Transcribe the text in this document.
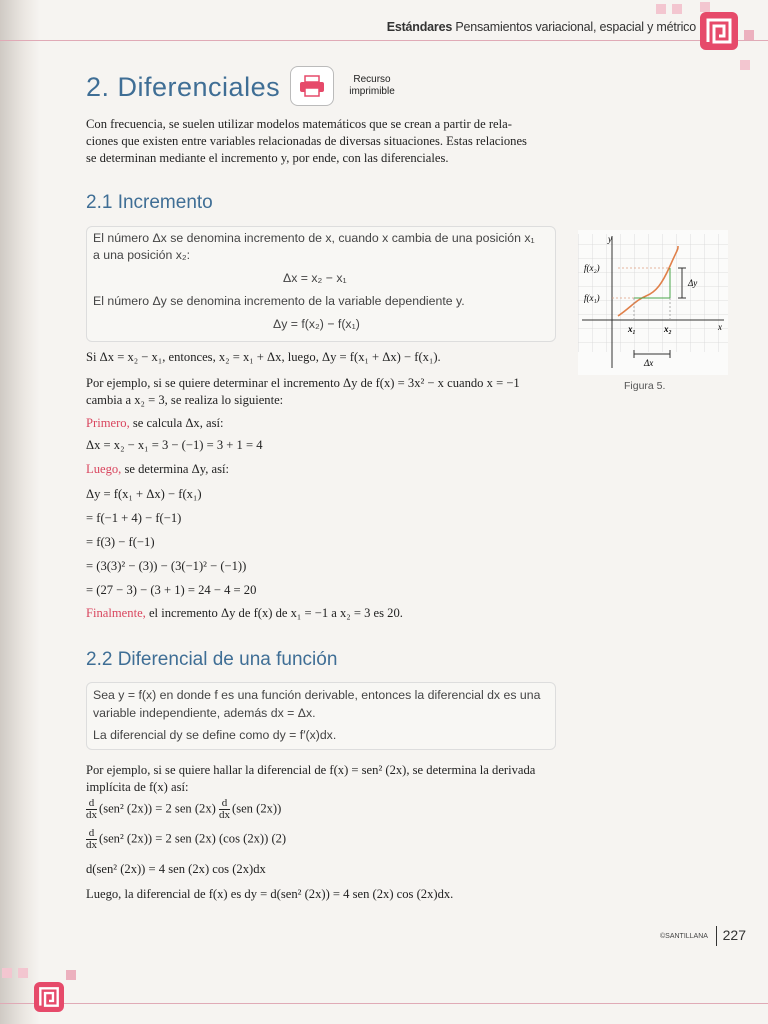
Estándares Pensamientos variacional, espacial y métrico
2. Diferenciales	Recurso
imprimible

Con frecuencia, se suelen utilizar modelos matemáticos que se crean a partir de rela-

ciones que existen entre variables relacionadas de diversas situaciones. Estas relaciones

se determinan mediante el incremento y, por ende, con las diferenciales.

2.1 Incremento
El número Δx se denomina incremento de x, cuando x cambia de una posición x₁
a una posición x₂:
Δx = x₂ − x₁
El número Δy se denomina incremento de la variable dependiente y.
Δy = f(x₂) − f(x₁)
Si Δx = x₂ − x₁, entonces, x₂ = x₁ + Δx, luego, Δy = f(x₁ + Δx) − f(x₁).
Por ejemplo, si se quiere determinar el incremento Δy de f(x) = 3x² − x cuando x = −1
cambia a x₂ = 3, se realiza lo siguiente:
Primero, se calcula Δx, así:
Δx = x₂ − x₁ = 3 − (−1) = 3 + 1 = 4
Luego, se determina Δy, así:
Δy = f(x₁ + Δx) − f(x₁)
= f(−1 + 4) − f(−1)
= f(3) − f(−1)
= (3(3)² − (3)) − (3(−1)² − (−1))
= (27 − 3) − (3 + 1) = 24 − 4 = 20
Finalmente, el incremento Δy de f(x) de x₁ = −1 a x₂ = 3 es 20.
y
x
f(x₂)
f(x₁)
x₁	x₂
Δy
Δx
Figura 5.
2.2 Diferencial de una función
Sea y = f(x) en donde f es una función derivable, entonces la diferencial dx es una
variable independiente, además dx = Δx.
La diferencial dy se define como dy = f′(x)dx.
Por ejemplo, si se quiere hallar la diferencial de f(x) = sen² (2x), se determina la derivada
implícita de f(x) así:
$\frac{d}{dx} (sen^2$ (2x)) = 2 sen $(2x) \frac{d}{dx} (sen$ (2x))
$\frac{d}{dx} (sen^2$ (2x)) = 2 sen (2x) (cos (2x)) (2)
d(sen² (2x)) = 4 sen (2x) cos (2x)dx
Luego, la diferencial de f(x) es dy = d(sen² (2x)) = 4 sen (2x) cos (2x)dx.
©SANTILLANA 227
